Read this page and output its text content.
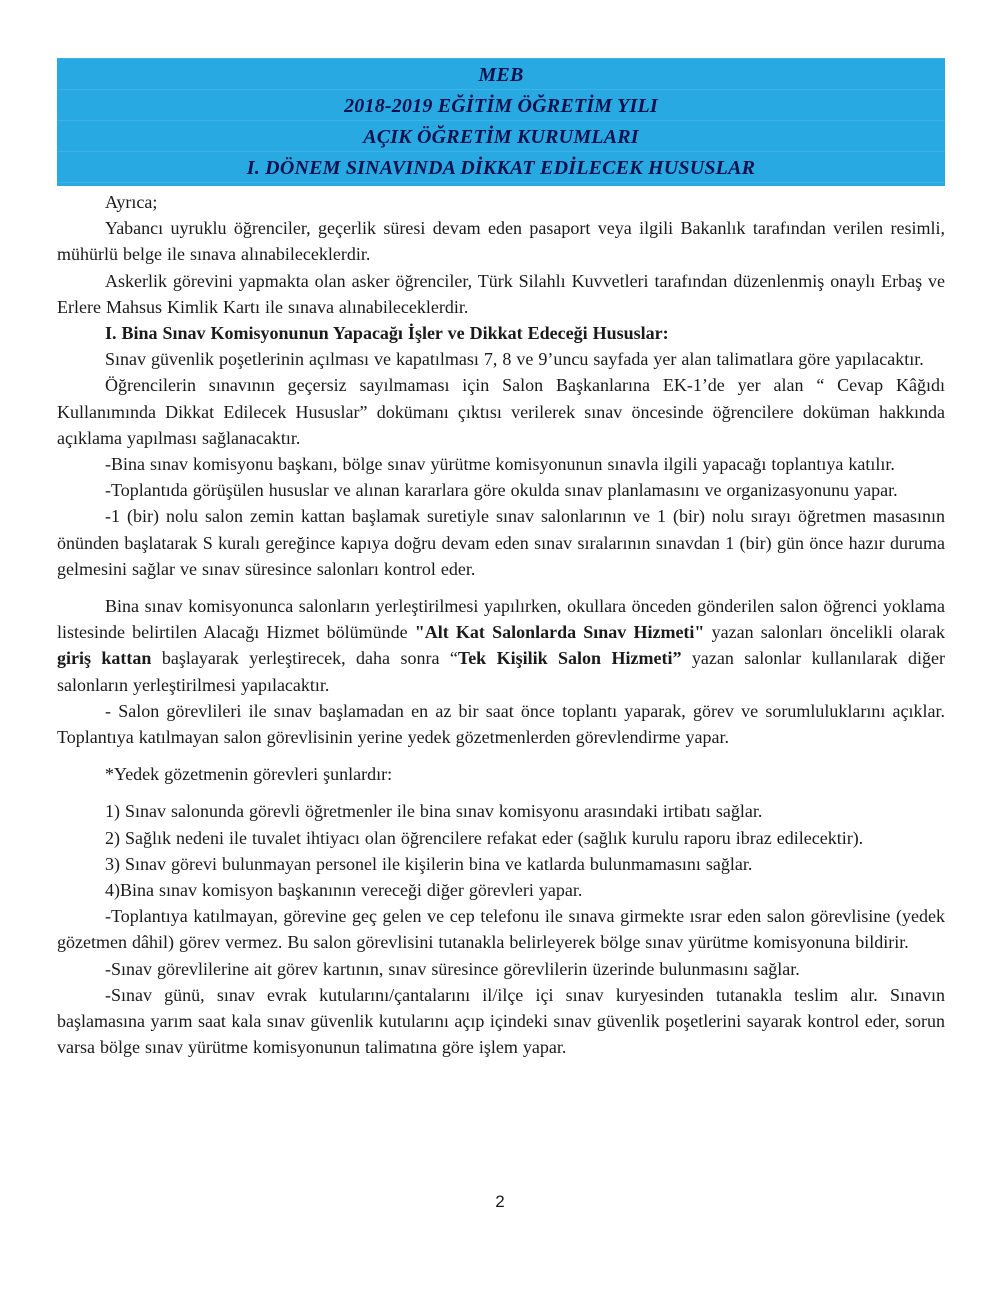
MEB
2018-2019 EĞİTİM ÖĞRETİM YILI
AÇIK ÖĞRETİM KURUMLARI
I. DÖNEM SINAVINDA DİKKAT EDİLECEK HUSUSLAR

Ayrıca;

Yabancı uyruklu öğrenciler, geçerlik süresi devam eden pasaport veya ilgili Bakanlık tarafından verilen resimli, mühürlü belge ile sınava alınabileceklerdir.

Askerlik görevini yapmakta olan asker öğrenciler, Türk Silahlı Kuvvetleri tarafından düzenlenmiş onaylı Erbaş ve Erlere Mahsus Kimlik Kartı ile sınava alınabileceklerdir.

I. Bina Sınav Komisyonunun Yapacağı İşler ve Dikkat Edeceği Hususlar:

Sınav güvenlik poşetlerinin açılması ve kapatılması 7, 8 ve 9’uncu sayfada yer alan talimatlara göre yapılacaktır.

Öğrencilerin sınavının geçersiz sayılmaması için Salon Başkanlarına EK-1’de yer alan “ Cevap Kâğıdı Kullanımında Dikkat Edilecek Hususlar” dokümanı çıktısı verilerek sınav öncesinde öğrencilere doküman hakkında açıklama yapılması sağlanacaktır.

-Bina sınav komisyonu başkanı, bölge sınav yürütme komisyonunun sınavla ilgili yapacağı toplantıya katılır.

-Toplantıda görüşülen hususlar ve alınan kararlara göre okulda sınav planlamasını ve organizasyonunu yapar.

-1 (bir) nolu salon zemin kattan başlamak suretiyle sınav salonlarının ve 1 (bir) nolu sırayı öğretmen masasının önünden başlatarak S kuralı gereğince kapıya doğru devam eden sınav sıralarının sınavdan 1 (bir) gün önce hazır duruma gelmesini sağlar ve sınav süresince salonları kontrol eder.

Bina sınav komisyonunca salonların yerleştirilmesi yapılırken, okullara önceden gönderilen salon öğrenci yoklama listesinde belirtilen Alacağı Hizmet bölümünde "Alt Kat Salonlarda Sınav Hizmeti" yazan salonları öncelikli olarak giriş kattan başlayarak yerleştirecek, daha sonra “Tek Kişilik Salon Hizmeti” yazan salonlar kullanılarak diğer salonların yerleştirilmesi yapılacaktır.

- Salon görevlileri ile sınav başlamadan en az bir saat önce toplantı yaparak, görev ve sorumluluklarını açıklar. Toplantıya katılmayan salon görevlisinin yerine yedek gözetmenlerden görevlendirme yapar.

*Yedek gözetmenin görevleri şunlardır:

1) Sınav salonunda görevli öğretmenler ile bina sınav komisyonu arasındaki irtibatı sağlar.

2) Sağlık nedeni ile tuvalet ihtiyacı olan öğrencilere refakat eder (sağlık kurulu raporu ibraz edilecektir).

3) Sınav görevi bulunmayan personel ile kişilerin bina ve katlarda bulunmamasını sağlar.

4)Bina sınav komisyon başkanının vereceği diğer görevleri yapar.

-Toplantıya katılmayan, görevine geç gelen ve cep telefonu ile sınava girmekte ısrar eden salon görevlisine (yedek gözetmen dâhil) görev vermez. Bu salon görevlisini tutanakla belirleyerek bölge sınav yürütme komisyonuna bildirir.

-Sınav görevlilerine ait görev kartının, sınav süresince görevlilerin üzerinde bulunmasını sağlar.

-Sınav günü, sınav evrak kutularını/çantalarını il/ilçe içi sınav kuryesinden tutanakla teslim alır. Sınavın başlamasına yarım saat kala sınav güvenlik kutularını açıp içindeki sınav güvenlik poşetlerini sayarak kontrol eder, sorun varsa bölge sınav yürütme komisyonunun talimatına göre işlem yapar.

2
